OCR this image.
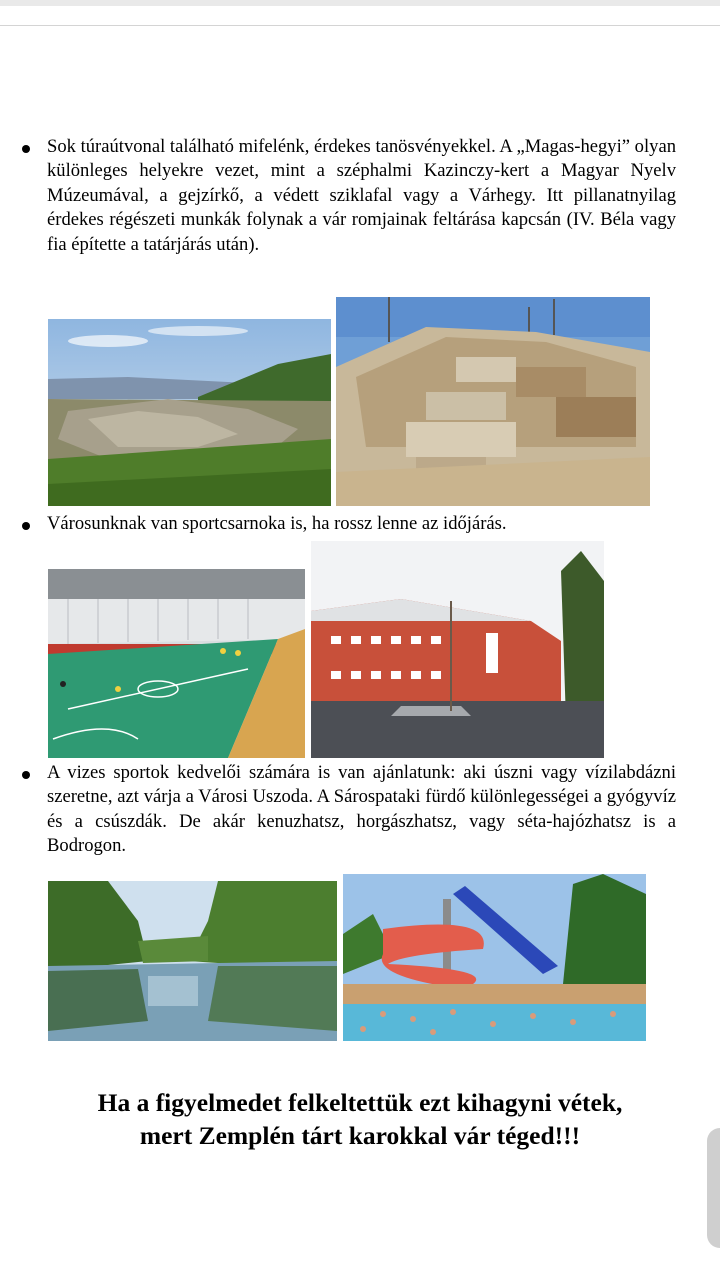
Sok túraútvonal található mifelénk, érdekes tanösvényekkel. A „Magas-hegyi” olyan különleges helyekre vezet, mint a széphalmi Kazinczy-kert a Magyar Nyelv Múzeumával, a gejzírkő, a védett sziklafal vagy a Várhegy. Itt pillanatnyilag érdekes régészeti munkák folynak a vár romjainak feltárása kapcsán (IV. Béla vagy fia építette a tatárjárás után).

Városunknak van sportcsarnoka is, ha rossz lenne az időjárás.

A vizes sportok kedvelői számára is van ajánlatunk: aki úszni vagy vízilabdázni szeretne, azt várja a Városi Uszoda. A Sárospataki fürdő különlegességei a gyógyvíz és a csúszdák. De akár kenuzhatsz, horgászhatsz, vagy séta-hajózhatsz is a Bodrogon.

Ha a figyelmedet felkeltettük ezt kihagyni vétek,
mert Zemplén tárt karokkal vár téged!!!
